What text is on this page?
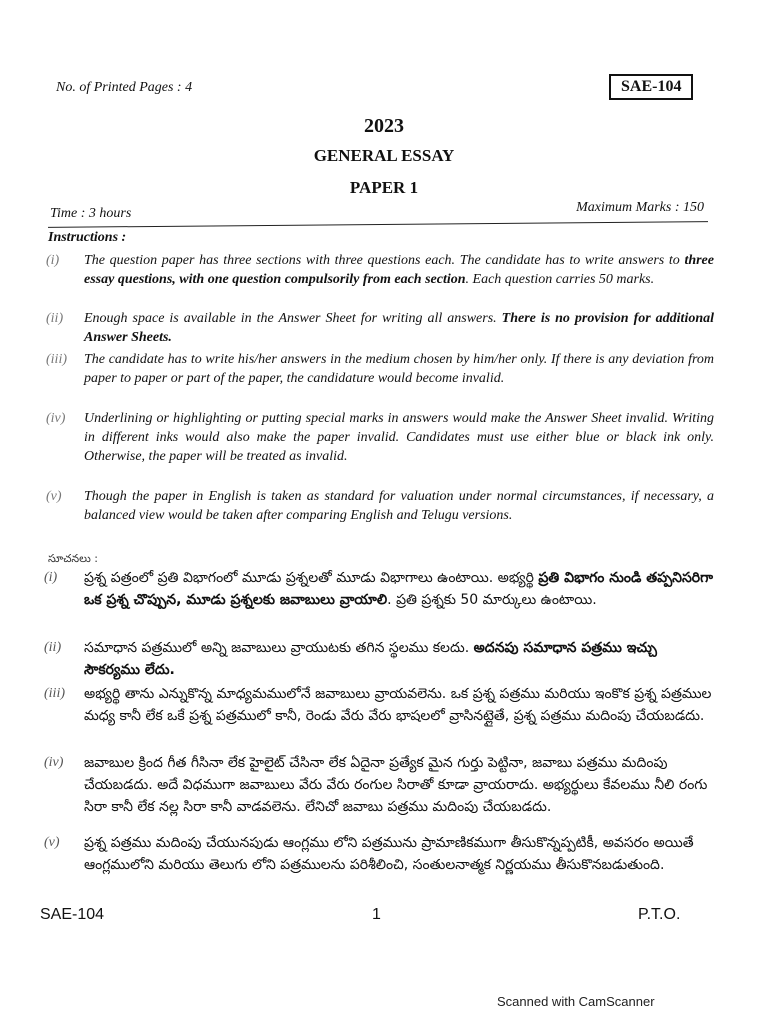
No. of Printed Pages : 4	SAE-104
2023
GENERAL ESSAY
PAPER 1
Time : 3 hours	Maximum Marks : 150
Instructions :
(i)	The question paper has three sections with three questions each. The candidate has to write answers to three essay questions, with one question compulsorily from each section. Each question carries 50 marks.
(ii)	Enough space is available in the Answer Sheet for writing all answers. There is no provision for additional Answer Sheets.
(iii)	The candidate has to write his/her answers in the medium chosen by him/her only. If there is any deviation from paper to paper or part of the paper, the candidature would become invalid.
(iv)	Underlining or highlighting or putting special marks in answers would make the Answer Sheet invalid. Writing in different inks would also make the paper invalid. Candidates must use either blue or black ink only. Otherwise, the paper will be treated as invalid.
(v)	Though the paper in English is taken as standard for valuation under normal circumstances, if necessary, a balanced view would be taken after comparing English and Telugu versions.
సూచనలు :
(i)	ప్రశ్న పత్రంలో ప్రతి విభాగంలో మూడు ప్రశ్నలతో మూడు విభాగాలు ఉంటాయి. అభ్యర్థి ప్రతి విభాగం నుండి తప్పనిసరిగా ఒక ప్రశ్న చొప్పున, మూడు ప్రశ్నలకు జవాబులు వ్రాయాలి. ప్రతి ప్రశ్నకు 50 మార్కులు ఉంటాయి.
(ii)	సమాధాన పత్రములో అన్ని జవాబులు వ్రాయుటకు తగిన స్థలము కలదు. అదనపు సమాధాన పత్రము ఇచ్చు సౌకర్యము లేదు.
(iii)	అభ్యర్థి తాను ఎన్నుకొన్న మాధ్యమములోనే జవాబులు వ్రాయవలెను. ఒక ప్రశ్న పత్రము మరియు ఇంకొక ప్రశ్న పత్రముల మధ్య కానీ లేక ఒకే ప్రశ్న పత్రములో కానీ, రెండు వేరు వేరు భాషలలో వ్రాసినట్లైతే, ప్రశ్న పత్రము మదింపు చేయబడదు.
(iv)	జవాబుల క్రింద గీత గీసినా లేక హైలైట్ చేసినా లేక ఏదైనా ప్రత్యేక మైన గుర్తు పెట్టినా, జవాబు పత్రము మదింపు చేయబడదు. అదే విధముగా జవాబులు వేరు వేరు రంగుల సిరాతో కూడా వ్రాయరాదు. అభ్యర్థులు కేవలము నీలి రంగు సిరా కానీ లేక నల్ల సిరా కానీ వాడవలెను. లేనిచో జవాబు పత్రము మదింపు చేయబడదు.
(v)	ప్రశ్న పత్రము మదింపు చేయునపుడు ఆంగ్లము లోని పత్రమును ప్రామాణికముగా తీసుకొన్నప్పటికీ, అవసరం అయితే ఆంగ్లములోని మరియు తెలుగు లోని పత్రములను పరిశీలించి, సంతులనాత్మక నిర్ణయము తీసుకొనబడుతుంది.
SAE-104	1	P.T.O.
Scanned with CamScanner
